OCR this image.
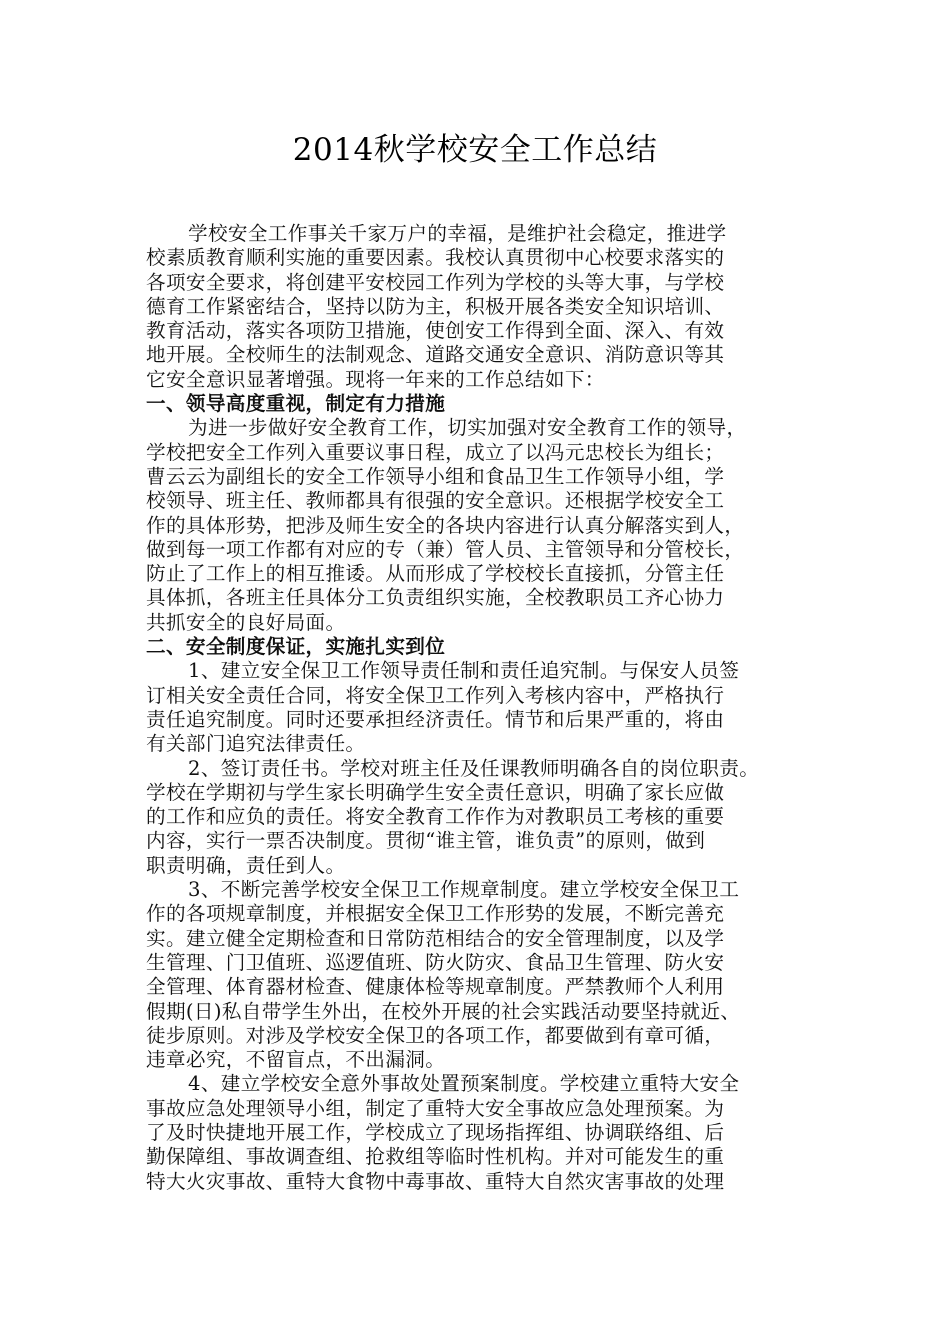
2014秋学校安全工作总结
学校安全工作事关千家万户的幸福，是维护社会稳定，推进学
校素质教育顺利实施的重要因素。我校认真贯彻中心校要求落实的
各项安全要求，将创建平安校园工作列为学校的头等大事，与学校
德育工作紧密结合，坚持以防为主，积极开展各类安全知识培训、
教育活动，落实各项防卫措施，使创安工作得到全面、深入、有效
地开展。全校师生的法制观念、道路交通安全意识、消防意识等其
它安全意识显著增强。现将一年来的工作总结如下：
一、领导高度重视，制定有力措施
为进一步做好安全教育工作，切实加强对安全教育工作的领导，
学校把安全工作列入重要议事日程，成立了以冯元忠校长为组长；
曹云云为副组长的安全工作领导小组和食品卫生工作领导小组，学
校领导、班主任、教师都具有很强的安全意识。还根据学校安全工
作的具体形势，把涉及师生安全的各块内容进行认真分解落实到人，
做到每一项工作都有对应的专（兼）管人员、主管领导和分管校长，
防止了工作上的相互推诿。从而形成了学校校长直接抓，分管主任
具体抓，各班主任具体分工负责组织实施，全校教职员工齐心协力
共抓安全的良好局面。
二、安全制度保证，实施扎实到位
1、建立安全保卫工作领导责任制和责任追究制。与保安人员签
订相关安全责任合同，将安全保卫工作列入考核内容中，严格执行
责任追究制度。同时还要承担经济责任。情节和后果严重的，将由
有关部门追究法律责任。
2、签订责任书。学校对班主任及任课教师明确各自的岗位职责。
学校在学期初与学生家长明确学生安全责任意识，明确了家长应做
的工作和应负的责任。将安全教育工作作为对教职员工考核的重要
内容，实行一票否决制度。贯彻“谁主管，谁负责”的原则，做到
职责明确，责任到人。
3、不断完善学校安全保卫工作规章制度。建立学校安全保卫工
作的各项规章制度，并根据安全保卫工作形势的发展，不断完善充
实。建立健全定期检查和日常防范相结合的安全管理制度，以及学
生管理、门卫值班、巡逻值班、防火防灾、食品卫生管理、防火安
全管理、体育器材检查、健康体检等规章制度。严禁教师个人利用
假期(日)私自带学生外出，在校外开展的社会实践活动要坚持就近、
徒步原则。对涉及学校安全保卫的各项工作，都要做到有章可循，
违章必究，不留盲点，不出漏洞。
4、建立学校安全意外事故处置预案制度。学校建立重特大安全
事故应急处理领导小组，制定了重特大安全事故应急处理预案。为
了及时快捷地开展工作，学校成立了现场指挥组、协调联络组、后
勤保障组、事故调查组、抢救组等临时性机构。并对可能发生的重
特大火灾事故、重特大食物中毒事故、重特大自然灾害事故的处理
